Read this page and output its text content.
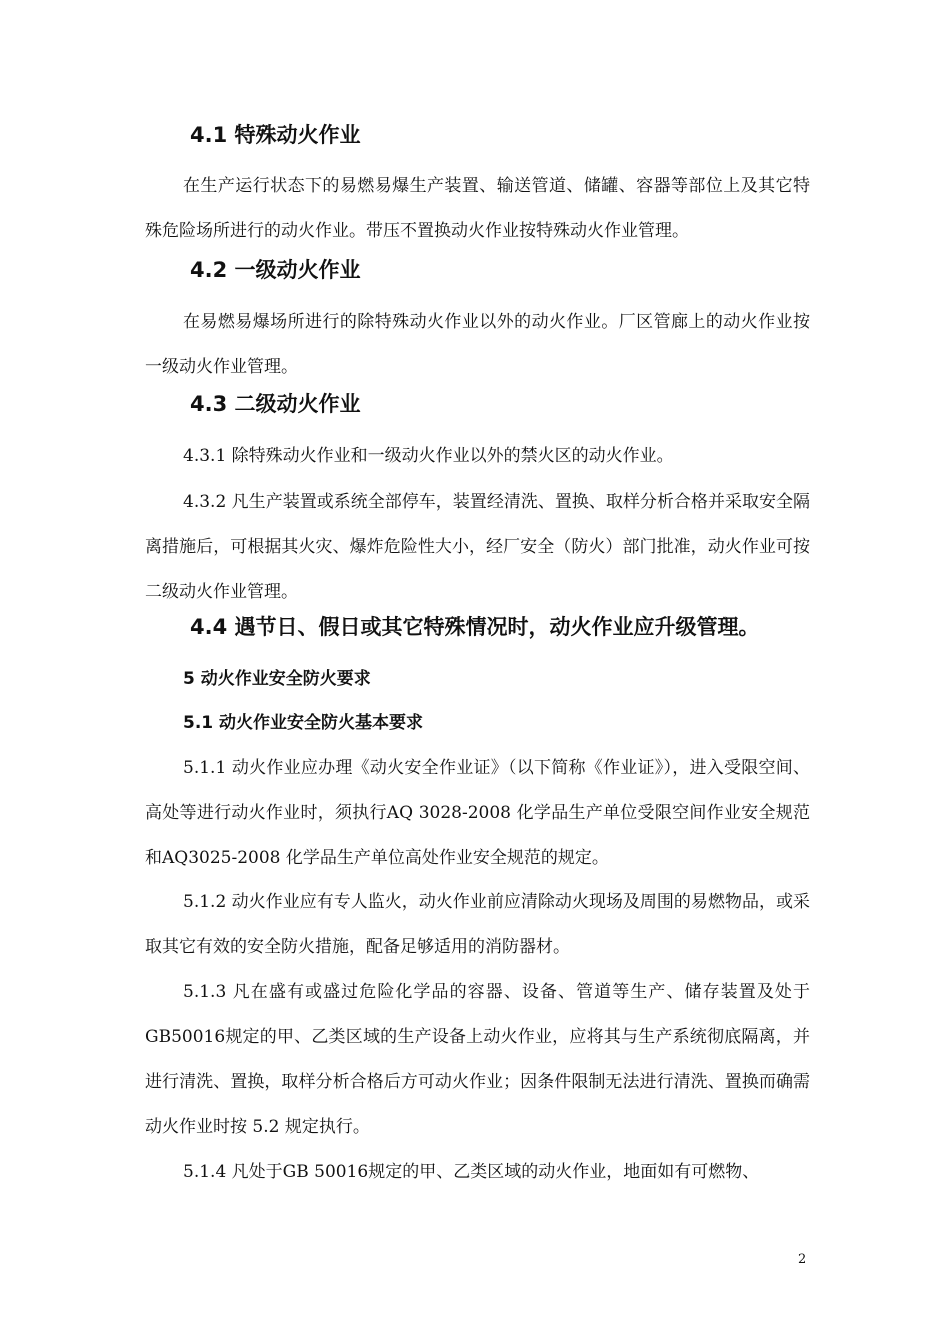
4.1 特殊动火作业

在生产运行状态下的易燃易爆生产装置、输送管道、储罐、容器等部位上及其它特殊危险场所进行的动火作业。带压不置换动火作业按特殊动火作业管理。

4.2 一级动火作业

在易燃易爆场所进行的除特殊动火作业以外的动火作业。厂区管廊上的动火作业按一级动火作业管理。

4.3 二级动火作业

4.3.1 除特殊动火作业和一级动火作业以外的禁火区的动火作业。

4.3.2 凡生产装置或系统全部停车，装置经清洗、置换、取样分析合格并采取安全隔离措施后，可根据其火灾、爆炸危险性大小，经厂安全（防火）部门批准，动火作业可按二级动火作业管理。

4.4 遇节日、假日或其它特殊情况时，动火作业应升级管理。
5 动火作业安全防火要求
5.1 动火作业安全防火基本要求

5.1.1 动火作业应办理《动火安全作业证》（以下简称《作业证》），进入受限空间、高处等进行动火作业时，须执行AQ 3028-2008 化学品生产单位受限空间作业安全规范和AQ3025-2008 化学品生产单位高处作业安全规范的规定。

5.1.2 动火作业应有专人监火，动火作业前应清除动火现场及周围的易燃物品，或采取其它有效的安全防火措施，配备足够适用的消防器材。

5.1.3 凡在盛有或盛过危险化学品的容器、设备、管道等生产、储存装置及处于GB50016规定的甲、乙类区域的生产设备上动火作业，应将其与生产系统彻底隔离，并进行清洗、置换，取样分析合格后方可动火作业；因条件限制无法进行清洗、置换而确需动火作业时按 5.2 规定执行。

5.1.4 凡处于GB 50016规定的甲、乙类区域的动火作业，地面如有可燃物、

2
